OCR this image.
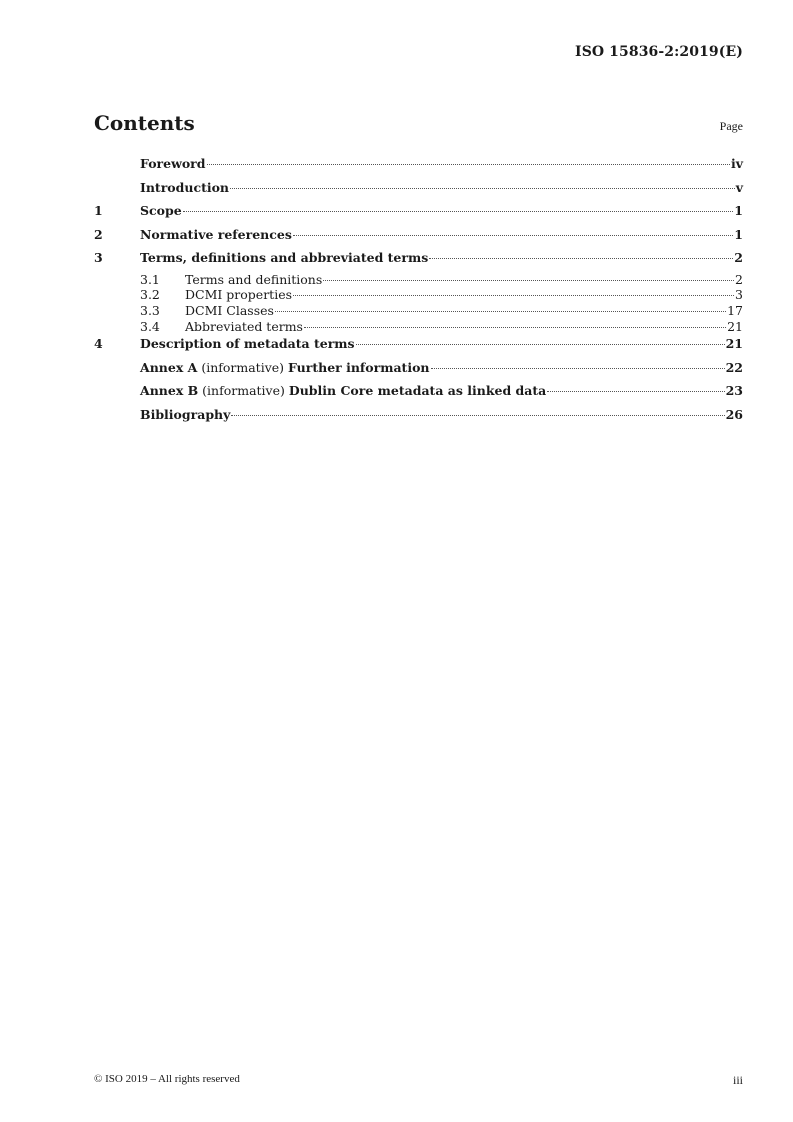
ISO 15836-2:2019(E)
Contents	Page
Foreword	iv
Introduction	v
1	Scope	1
2	Normative references	1
3	Terms, definitions and abbreviated terms	2
3.1	Terms and definitions	2
3.2	DCMI properties	3
3.3	DCMI Classes	17
3.4	Abbreviated terms	21
4	Description of metadata terms	21
Annex A (informative) Further information	22
Annex B (informative) Dublin Core metadata as linked data	23
Bibliography	26
© ISO 2019 – All rights reserved	iii
